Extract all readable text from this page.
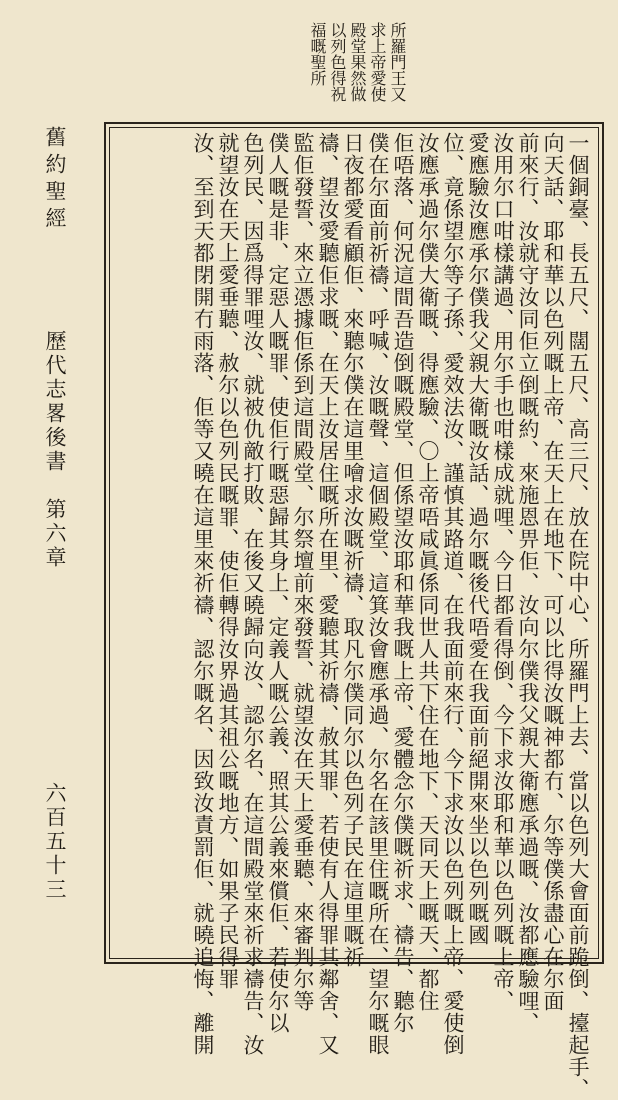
所羅門王又
求上帝愛使
殿堂果然做
以列色得祝
福嘅聖所
一個銅臺、長五尺、闊五尺、高三尺、放在院中心、所羅門上去、當以色列大會面前跪倒、擡起手、
向天話、耶和華以色列嘅上帝、在天上在地下、可以比得汝嘅神都冇、尔等僕係盡心在尔面
前來行、汝就守汝同佢立倒嘅約、來施恩畀佢、汝向尔僕我父親大衛應承過嘅、汝都應驗哩、
汝用尔口咁樣講過、用尔手也咁樣成就哩、今日都看得倒、今下求汝耶和華以色列嘅上帝、
愛應驗汝應承尔僕我父親大衛嘅汝話、過尔嘅後代唔愛在我面前絕開來坐以色列嘅國
位、竟係望尔等子孫、愛效法汝、謹慎其路道、在我面前來行、今下求汝以色列嘅上帝、愛使倒
汝應承過尔僕大衛嘅、得應驗、〇上帝唔咸眞係同世人共下住在地下、天同天上嘅天、都住
佢唔落、何況這間吾造倒嘅殿堂、但係望汝耶和華我嘅上帝、愛體念尔僕嘅祈求、禱告、聽尔
僕在尔面前祈禱、呼喊、汝嘅聲、這個殿堂、這箕汝會應承過、尔名在該里住嘅所在、望尔嘅眼
日夜都愛看顧佢、來聽尔僕在這里噲求汝嘅祈禱、取凡尔僕同尔以色列子民在這里嘅祈
禱、望汝愛聽佢求嘅、在天上汝居住嘅所在里、愛聽其祈禱、赦其罪、若使有人得罪其鄰舍、又
監佢發誓、來立憑據佢係到這間殿堂、尔祭壇前來發誓、就望汝在天上愛垂聽、來審判尔等
僕人嘅是非、定惡人嘅罪、使佢行嘅惡歸其身上、定義人嘅公義、照其公義來償佢、若使尔以
色列民、因爲得罪哩汝、就被仇敵打敗、在後又曉歸向汝、認尔名、在這間殿堂來祈求禱告、汝
就望汝在天上愛垂聽、赦尔以色列民嘅罪、使佢轉得汝界過其祖公嘅地方、如果子民得罪
汝、至到天都閉開冇雨落、佢等又曉在這里來祈禱、認尔嘅名、因致汝責罰佢、就曉追悔、離開
舊約聖經
歷代志畧後書　第六章
六百五十三
